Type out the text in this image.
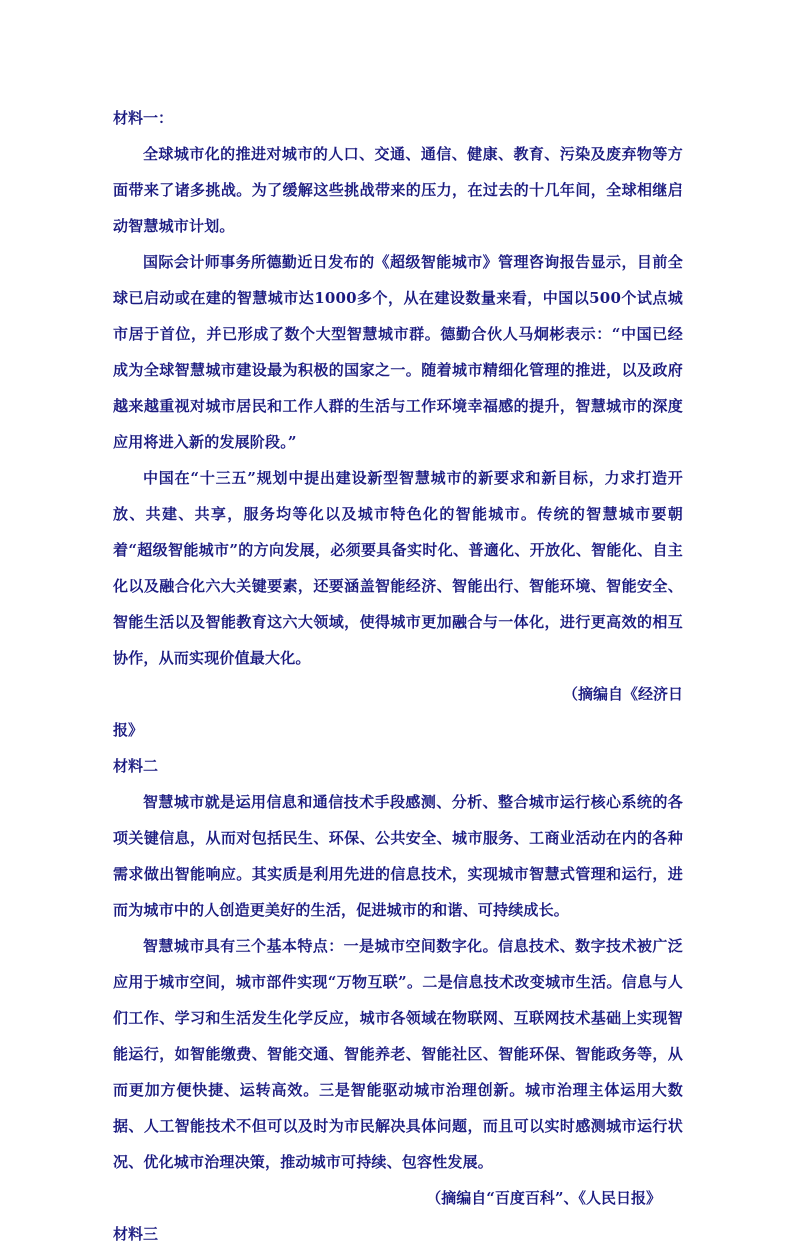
材料一：

全球城市化的推进对城市的人口、交通、通信、健康、教育、污染及废弃物等方面带来了诸多挑战。为了缓解这些挑战带来的压力，在过去的十几年间，全球相继启动智慧城市计划。

国际会计师事务所德勤近日发布的《超级智能城市》管理咨询报告显示，目前全球已启动或在建的智慧城市达1000多个，从在建设数量来看，中国以500个试点城市居于首位，并已形成了数个大型智慧城市群。德勤合伙人马炯彬表示：“中国已经成为全球智慧城市建设最为积极的国家之一。随着城市精细化管理的推进，以及政府越来越重视对城市居民和工作人群的生活与工作环境幸福感的提升，智慧城市的深度应用将进入新的发展阶段。”

中国在“十三五”规划中提出建设新型智慧城市的新要求和新目标，力求打造开放、共建、共享，服务均等化以及城市特色化的智能城市。传统的智慧城市要朝着“超级智能城市”的方向发展，必须要具备实时化、普適化、开放化、智能化、自主化以及融合化六大关键要素，还要涵盖智能经济、智能出行、智能环境、智能安全、智能生活以及智能教育这六大领域，使得城市更加融合与一体化，进行更高效的相互协作，从而实现价值最大化。

（摘编自《经济日

报》

材料二

智慧城市就是运用信息和通信技术手段感测、分析、整合城市运行核心系统的各项关键信息，从而对包括民生、环保、公共安全、城市服务、工商业活动在内的各种需求做出智能响应。其实质是利用先进的信息技术，实现城市智慧式管理和运行，进而为城市中的人创造更美好的生活，促进城市的和谐、可持续成长。

智慧城市具有三个基本特点：一是城市空间数字化。信息技术、数字技术被广泛应用于城市空间，城市部件实现“万物互联”。二是信息技术改变城市生活。信息与人们工作、学习和生活发生化学反应，城市各领域在物联网、互联网技术基础上实现智能运行，如智能缴费、智能交通、智能养老、智能社区、智能环保、智能政务等，从而更加方便快捷、运转高效。三是智能驱动城市治理创新。城市治理主体运用大数据、人工智能技术不但可以及时为市民解决具体问题，而且可以实时感测城市运行状况、优化城市治理决策，推动城市可持续、包容性发展。

（摘编自“百度百科”、《人民日报》

材料三
